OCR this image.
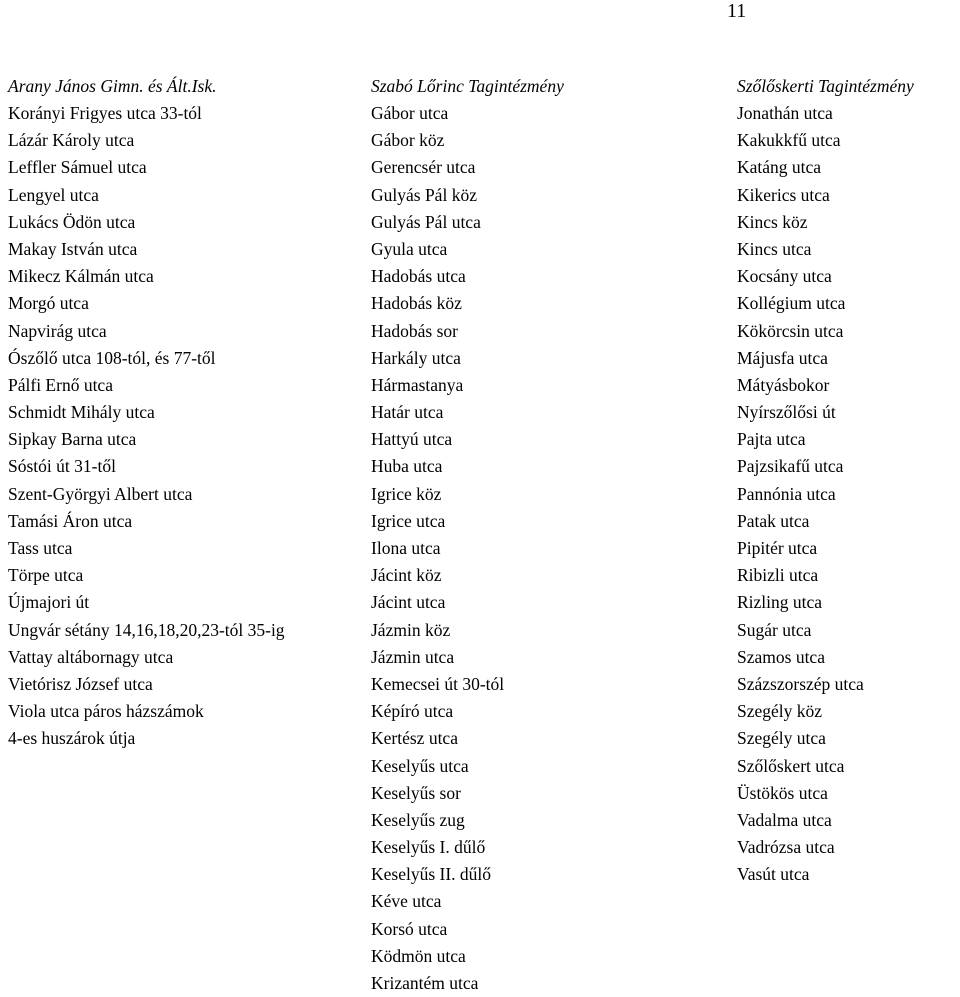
11
Arany János Gimn. és Ált.Isk.
Korányi Frigyes utca 33-tól
Lázár Károly utca
Leffler Sámuel utca
Lengyel utca
Lukács Ödön utca
Makay István utca
Mikecz Kálmán utca
Morgó utca
Napvirág utca
Ószőlő utca 108-tól, és 77-től
Pálfi Ernő utca
Schmidt Mihály utca
Sipkay Barna utca
Sóstói út 31-től
Szent-Györgyi Albert utca
Tamási Áron utca
Tass utca
Törpe utca
Újmajori út
Ungvár sétány 14,16,18,20,23-tól 35-ig
Vattay altábornagy utca
Vietórisz József utca
Viola utca páros házszámok
4-es huszárok útja
Szabó Lőrinc Tagintézmény
Gábor utca
Gábor köz
Gerencsér utca
Gulyás Pál köz
Gulyás Pál utca
Gyula utca
Hadobás utca
Hadobás köz
Hadobás sor
Harkály utca
Hármastanya
Határ utca
Hattyú utca
Huba utca
Igrice köz
Igrice utca
Ilona utca
Jácint köz
Jácint utca
Jázmin köz
Jázmin utca
Kemecsei út 30-tól
Képíró utca
Kertész utca
Keselyűs utca
Keselyűs sor
Keselyűs zug
Keselyűs I. dűlő
Keselyűs II. dűlő
Kéve utca
Korsó utca
Ködmön utca
Krizantém utca
Szőlőskerti Tagintézmény
Jonathán utca
Kakukkfű utca
Katáng utca
Kikerics utca
Kincs köz
Kincs utca
Kocsány utca
Kollégium utca
Kökörcsin utca
Májusfa utca
Mátyásbokor
Nyírszőlősi út
Pajta utca
Pajzsikafű utca
Pannónia utca
Patak utca
Pipitér utca
Ribizli utca
Rizling utca
Sugár utca
Szamos utca
Százszorszép utca
Szegély köz
Szegély utca
Szőlőskert utca
Üstökös utca
Vadalma utca
Vadrózsa utca
Vasút utca
